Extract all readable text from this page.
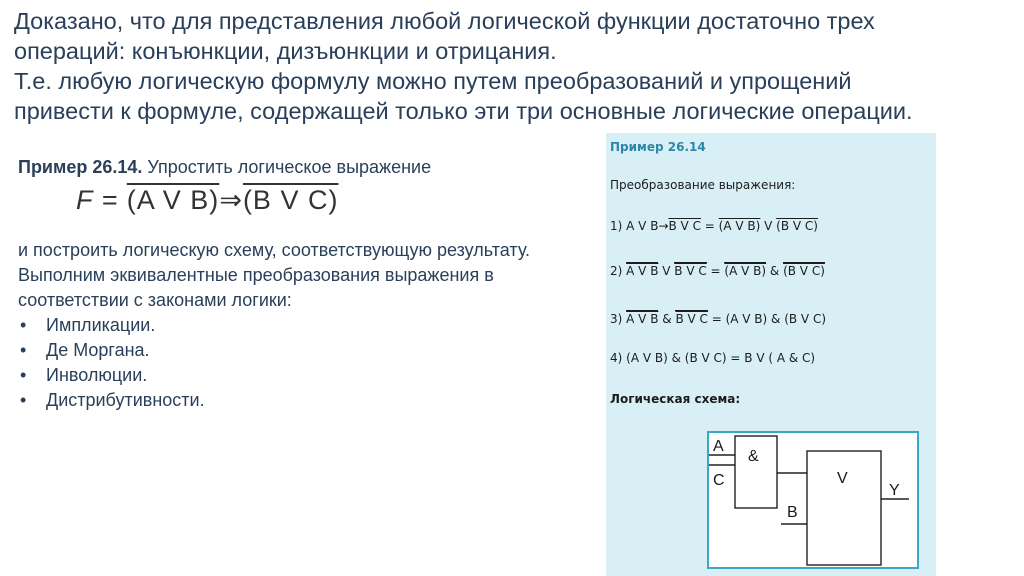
Доказано, что для представления любой логической функции достаточно трех

операций: конъюнкции, дизъюнкции и отрицания.

Т.е. любую логическую формулу можно путем преобразований и упрощений

привести к формуле, содержащей только эти три основные логические операции.

Пример 26.14. Упростить логическое выражение

F = (A V B)⇒(B V C)

и построить логическую схему, соответствующую результату.

Выполним эквивалентные преобразования выражения в соответствии с законами логики:

• Импликации.
• Де Моргана.
• Инволюции.
• Дистрибутивности.
Пример 26.14
Преобразование выражения:
1) A V B→B V C = (A V B) V (B V C)
2) A V B V B V C = (A V B) & (B V C)
3) A V B & B V C = (A V B) & (B V C)
4) (A V B) & (B V C) = B V ( A & C)
Логическая схема:
A
C
&
V
B
Y
